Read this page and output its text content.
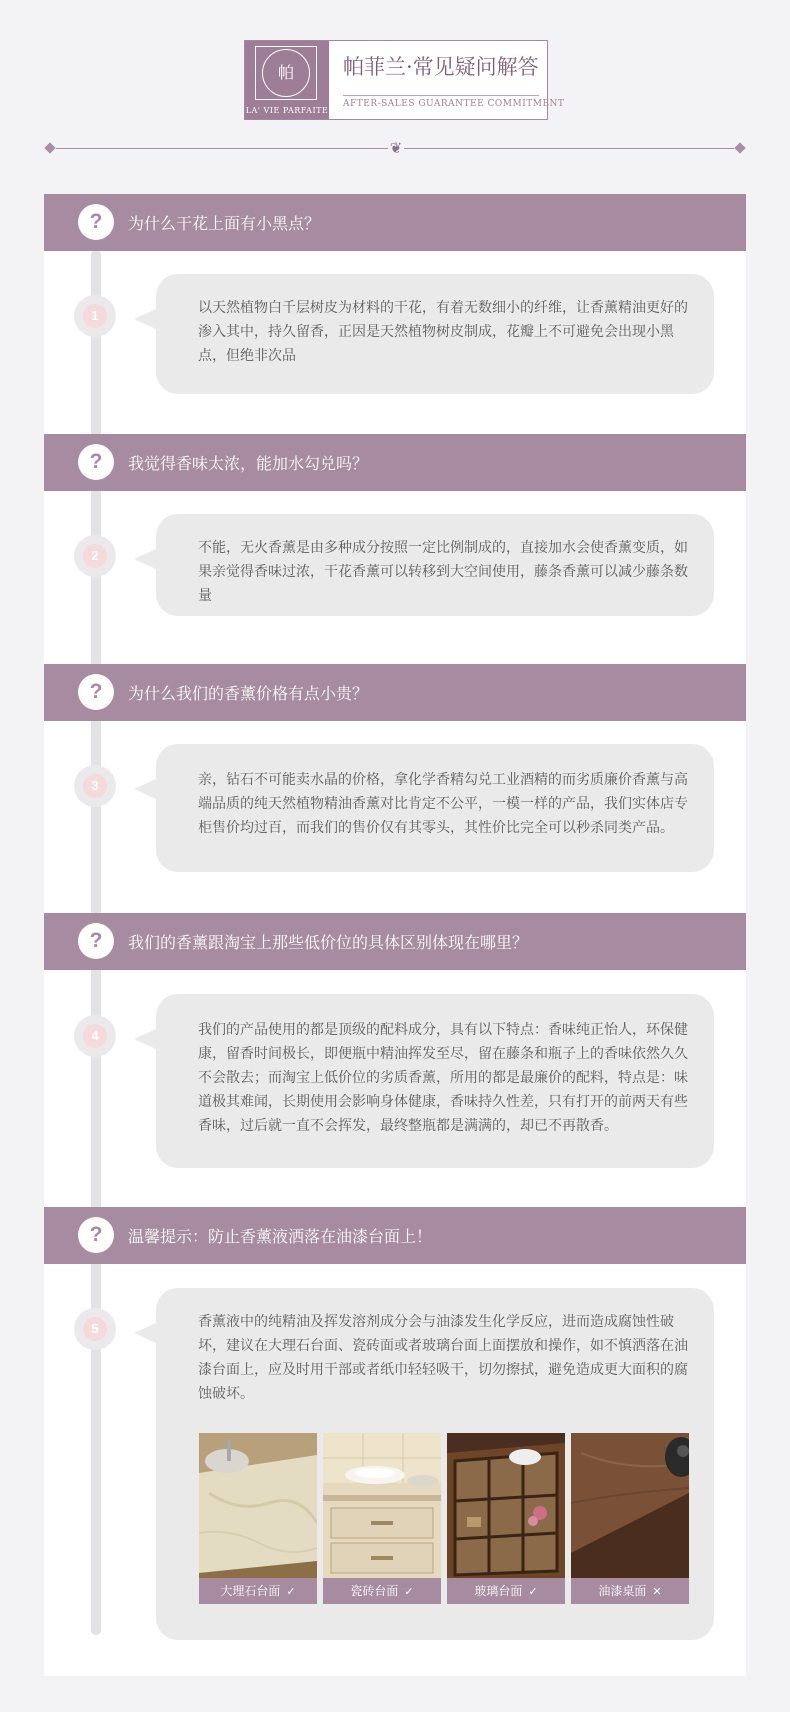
帕
LA' VIE PARFAITE
帕菲兰·常见疑问解答
AFTER-SALES GUARANTEE COMMITMENT
❦
?	为什么干花上面有小黑点？
1	以天然植物白千层树皮为材料的干花，有着无数细小的纤维，让香薰精油更好的渗入其中，持久留香，正因是天然植物树皮制成，花瓣上不可避免会出现小黑点，但绝非次品

?	我觉得香味太浓，能加水勾兑吗？
2	不能，无火香薰是由多种成分按照一定比例制成的，直接加水会使香薰变质，如果亲觉得香味过浓，干花香薰可以转移到大空间使用，藤条香薰可以减少藤条数量

?	为什么我们的香薰价格有点小贵？
3	亲，钻石不可能卖水晶的价格，拿化学香精勾兑工业酒精的而劣质廉价香薰与高端品质的纯天然植物精油香薰对比肯定不公平，一模一样的产品，我们实体店专柜售价均过百，而我们的售价仅有其零头，其性价比完全可以秒杀同类产品。

?	我们的香薰跟淘宝上那些低价位的具体区别体现在哪里？
4	我们的产品使用的都是顶级的配料成分，具有以下特点：香味纯正怡人，环保健康，留香时间极长，即便瓶中精油挥发至尽，留在藤条和瓶子上的香味依然久久不会散去；而淘宝上低价位的劣质香薰，所用的都是最廉价的配料，特点是：味道极其难闻，长期使用会影响身体健康，香味持久性差，只有打开的前两天有些香味，过后就一直不会挥发，最终整瓶都是满满的，却已不再散香。

?	温馨提示：防止香薰液洒落在油漆台面上！
5	香薰液中的纯精油及挥发溶剂成分会与油漆发生化学反应，进而造成腐蚀性破坏，建议在大理石台面、瓷砖面或者玻璃台面上面摆放和操作，如不慎洒落在油漆台面上，应及时用干部或者纸巾轻轻吸干，切勿擦拭，避免造成更大面积的腐蚀破坏。

大理石台面 ✓	瓷砖台面 ✓	玻璃台面 ✓	油漆桌面 ✕
